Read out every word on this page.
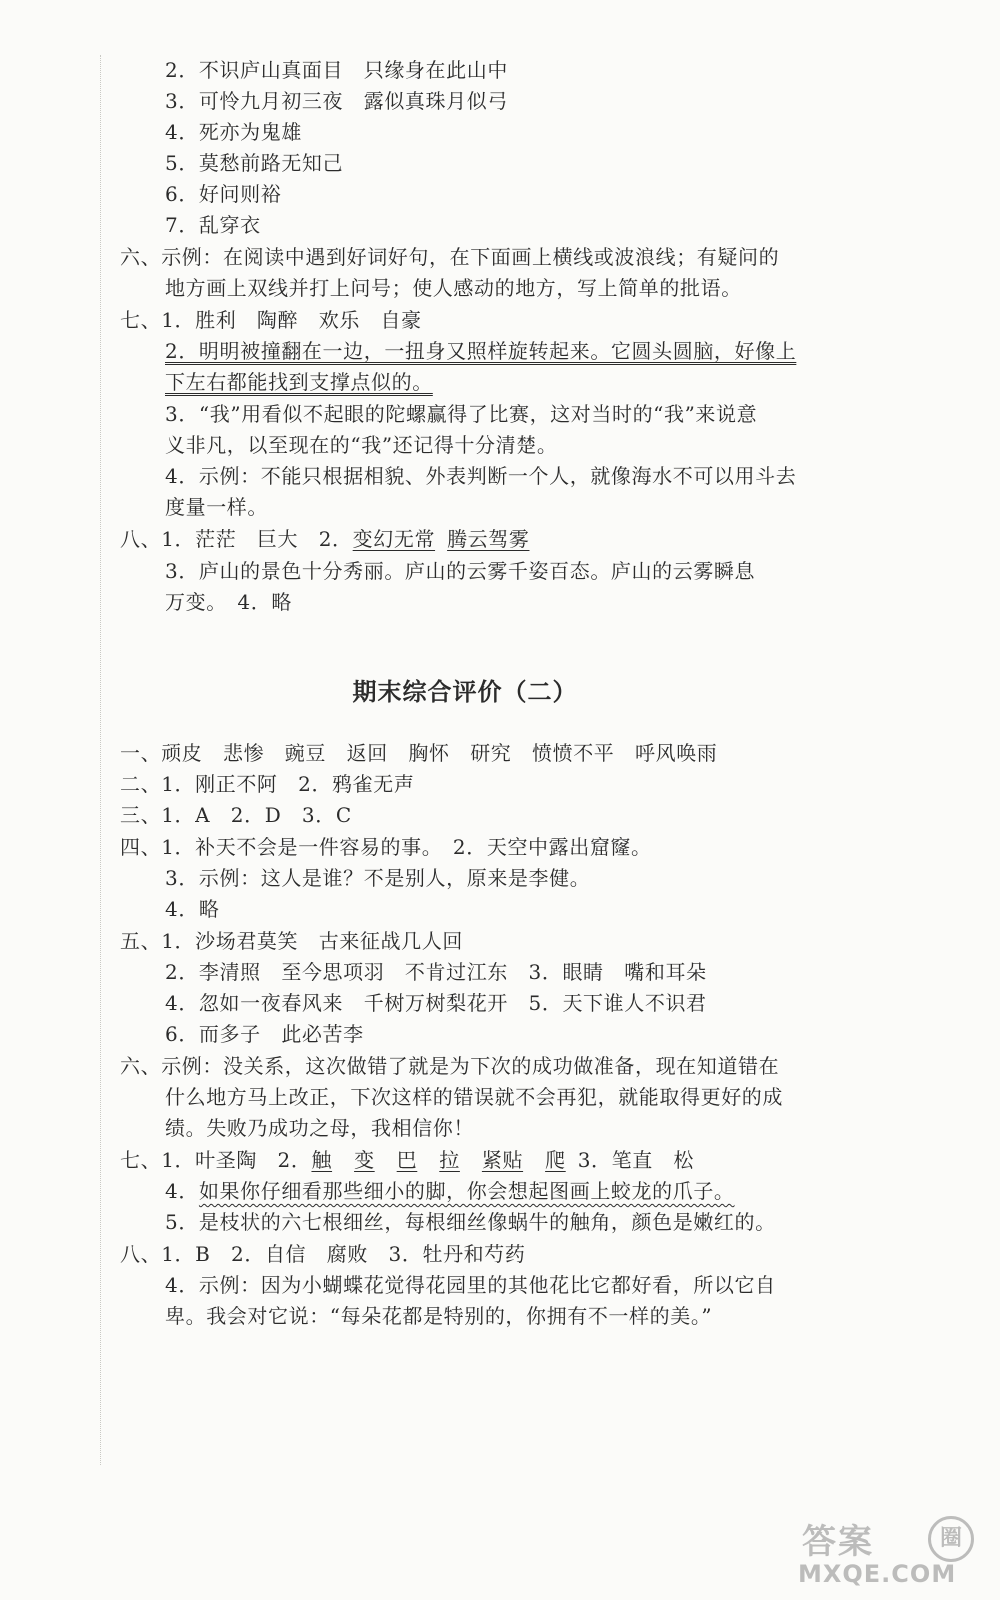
2．不识庐山真面目　只缘身在此山中
3．可怜九月初三夜　露似真珠月似弓
4．死亦为鬼雄
5．莫愁前路无知己
6．好问则裕
7．乱穿衣
六、示例：在阅读中遇到好词好句，在下面画上横线或波浪线；有疑问的
地方画上双线并打上问号；使人感动的地方，写上简单的批语。
七、1．胜利　陶醉　欢乐　自豪
2．明明被撞翻在一边，一扭身又照样旋转起来。它圆头圆脑，好像上
下左右都能找到支撑点似的。
3．“我”用看似不起眼的陀螺赢得了比赛，这对当时的“我”来说意
义非凡，以至现在的“我”还记得十分清楚。
4．示例：不能只根据相貌、外表判断一个人，就像海水不可以用斗去
度量一样。
八、1．茫茫　巨大　2．变幻无常 腾云驾雾
3．庐山的景色十分秀丽。庐山的云雾千姿百态。庐山的云雾瞬息
万变。　4．略
期末综合评价（二）
一、顽皮　悲惨　豌豆　返回　胸怀　研究　愤愤不平　呼风唤雨
二、1．刚正不阿　2．鸦雀无声
三、1．A　2．D　3．C
四、1．补天不会是一件容易的事。　2．天空中露出窟窿。
3．示例：这人是谁？不是别人，原来是李健。
4．略
五、1．沙场君莫笑　古来征战几人回
2．李清照　至今思项羽　不肯过江东　3．眼睛　嘴和耳朵
4．忽如一夜春风来　千树万树梨花开　5．天下谁人不识君
6．而多子　此必苦李
六、示例：没关系，这次做错了就是为下次的成功做准备，现在知道错在
什么地方马上改正，下次这样的错误就不会再犯，就能取得更好的成
绩。失败乃成功之母，我相信你！
七、1．叶圣陶　2．触 变 巴 拉 紧贴 爬 3．笔直　松
4．如果你仔细看那些细小的脚，你会想起图画上蛟龙的爪子。
5．是枝状的六七根细丝，每根细丝像蜗牛的触角，颜色是嫩红的。
八、1．B　2．自信　腐败　3．牡丹和芍药
4．示例：因为小蝴蝶花觉得花园里的其他花比它都好看，所以它自
卑。我会对它说：“每朵花都是特别的，你拥有不一样的美。”
答案	圈
MXQE.COM
